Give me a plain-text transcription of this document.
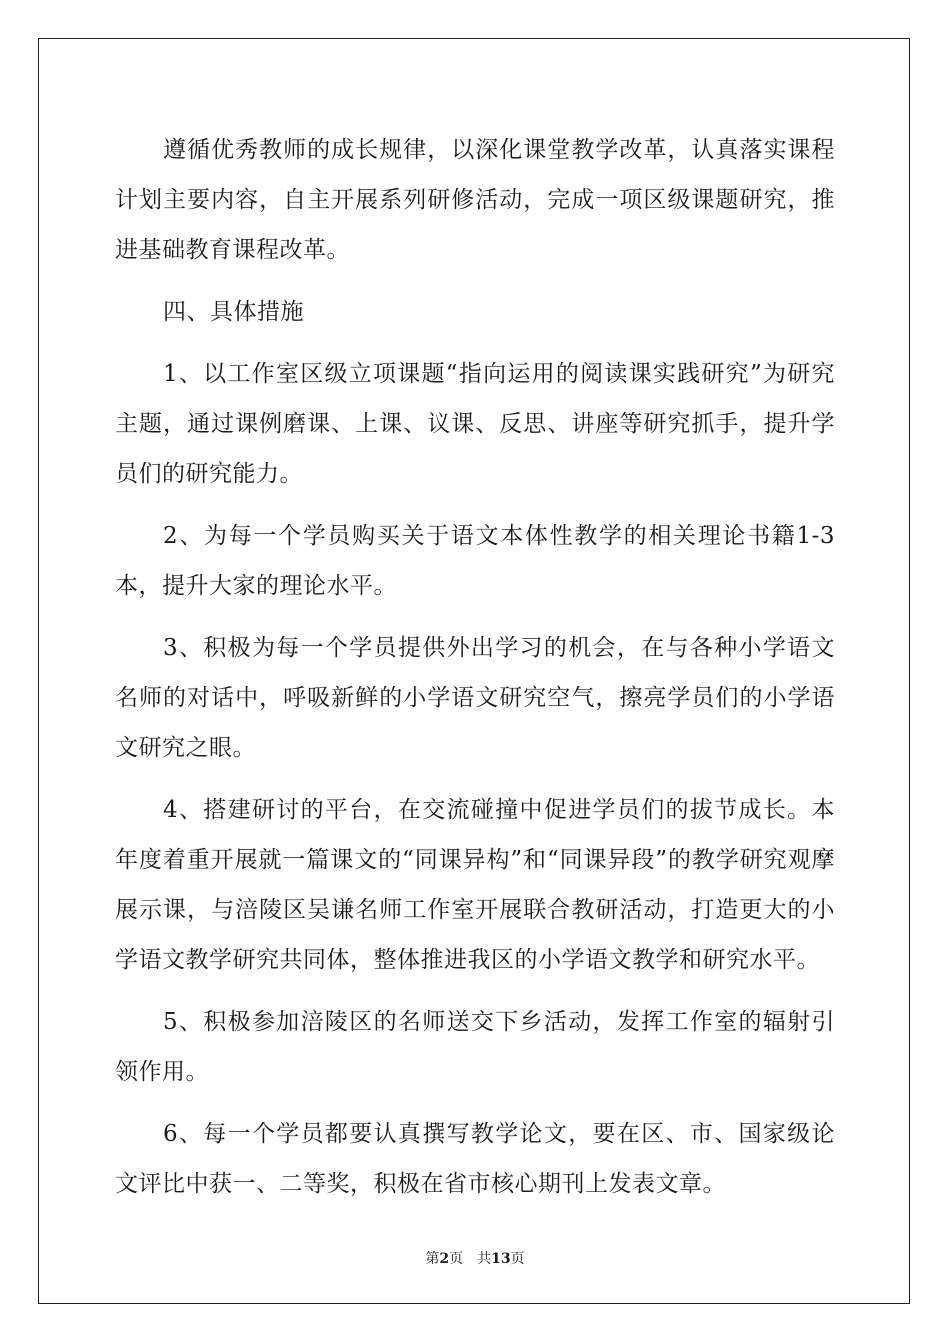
遵循优秀教师的成长规律，以深化课堂教学改革，认真落实课程计划主要内容，自主开展系列研修活动，完成一项区级课题研究，推进基础教育课程改革。

四、具体措施

1、以工作室区级立项课题“指向运用的阅读课实践研究”为研究主题，通过课例磨课、上课、议课、反思、讲座等研究抓手，提升学员们的研究能力。

2、为每一个学员购买关于语文本体性教学的相关理论书籍1-3本，提升大家的理论水平。

3、积极为每一个学员提供外出学习的机会，在与各种小学语文名师的对话中，呼吸新鲜的小学语文研究空气，擦亮学员们的小学语文研究之眼。

4、搭建研讨的平台，在交流碰撞中促进学员们的拔节成长。本年度着重开展就一篇课文的“同课异构”和“同课异段”的教学研究观摩展示课，与涪陵区吴谦名师工作室开展联合教研活动，打造更大的小学语文教学研究共同体，整体推进我区的小学语文教学和研究水平。

5、积极参加涪陵区的名师送交下乡活动，发挥工作室的辐射引领作用。

6、每一个学员都要认真撰写教学论文，要在区、市、国家级论文评比中获一、二等奖，积极在省市核心期刊上发表文章。

第2页 共13页
